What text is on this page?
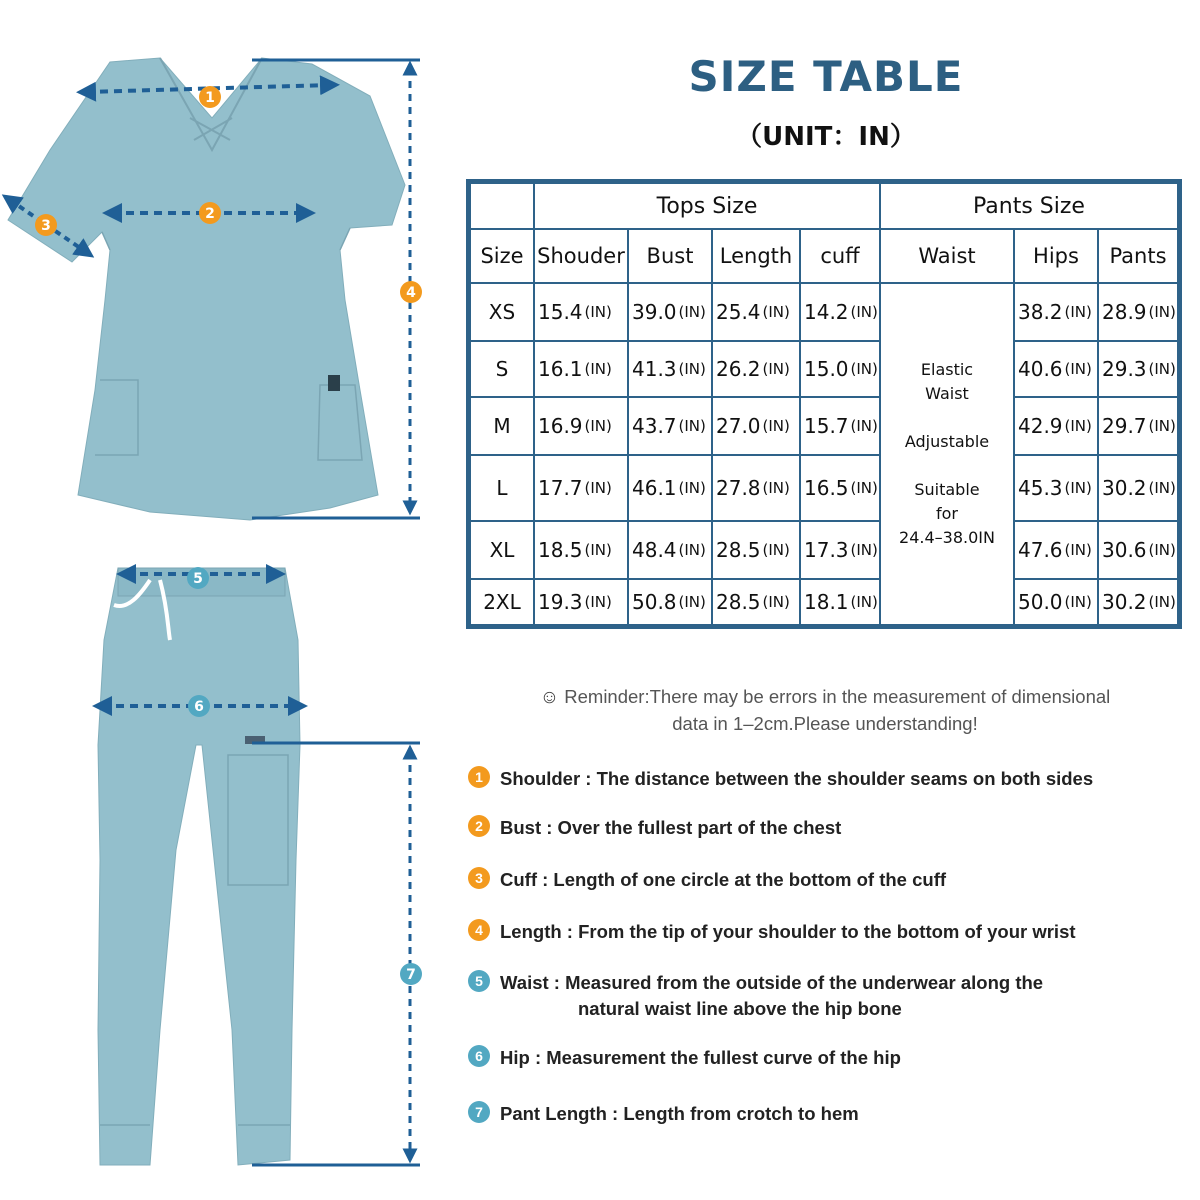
1
2
3
4
5
6
7
SIZE TABLE
（UNIT：IN）
Tops Size	Pants Size
Size Shouder	Bust	Length	cuff	Waist	Hips	Pants
Elastic
Waist
Adjustable
Suitable
for
24.4–38.0IN
XS 15.4 (IN) 39.0 (IN) 25.4 (IN) 14.2 (IN)	38.2 (IN) 28.9 (IN)
S 16.1 (IN) 41.3 (IN) 26.2 (IN) 15.0 (IN)	40.6 (IN) 29.3 (IN)
M 16.9 (IN) 43.7 (IN) 27.0 (IN) 15.7 (IN)	42.9 (IN) 29.7 (IN)
L 17.7 (IN) 46.1 (IN) 27.8 (IN) 16.5 (IN)	45.3 (IN) 30.2 (IN)
XL 18.5 (IN) 48.4 (IN) 28.5 (IN) 17.3 (IN)	47.6 (IN) 30.6 (IN)
2XL 19.3 (IN) 50.8 (IN) 28.5 (IN) 18.1 (IN)	50.0 (IN) 30.2 (IN)
☺ Reminder:There may be errors in the measurement of dimensional
data in 1–2cm.Please understanding!
1 Shoulder : The distance between the shoulder seams on both sides
2 Bust : Over the fullest part of the chest
3 Cuff : Length of one circle at the bottom of the cuff
4 Length : From the tip of your shoulder to the bottom of your wrist
5 Waist : Measured from the outside of the underwear along the
natural waist line above the hip bone
6 Hip : Measurement the fullest curve of the hip
7 Pant Length : Length from crotch to hem
